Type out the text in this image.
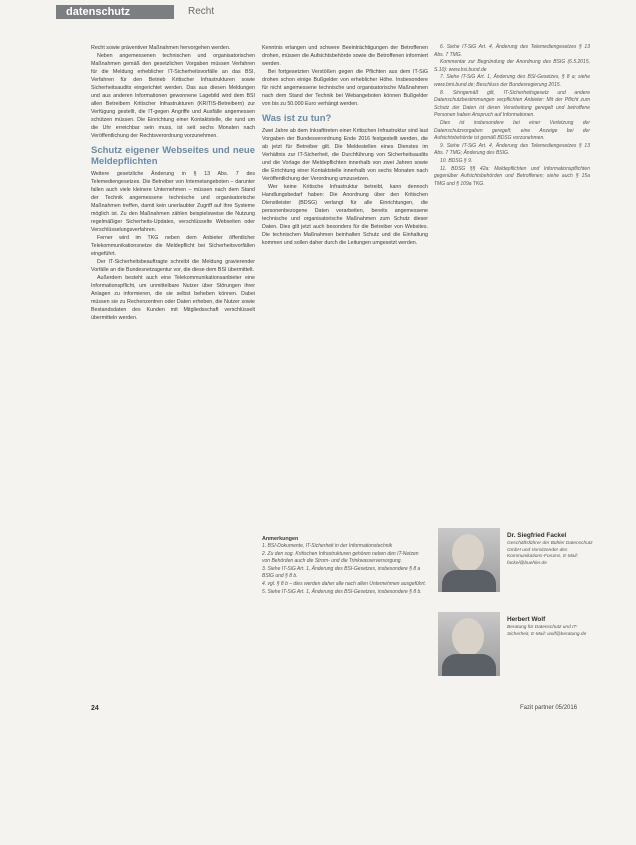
datenschutz	Recht

Recht sowie präventiver Maßnahmen hervorgehen werden.

Neben angemessenen technischen und organisatorischen Maßnahmen gemäß den gesetzlichen Vorgaben müssen Verfahren für die Meldung erheblicher IT-Sicherheitsvorfälle an das BSI, Verfahren für den Betrieb Kritischer Infrastrukturen sowie Sicherheitsaudits eingerichtet werden. Das aus diesen Meldungen und aus anderen Informationen gewonnene Lagebild wird dem BSI allen Betreibern Kritischer Infrastrukturen (KRITIS-Betreibern) zur Verfügung gestellt, die IT-gegen Angriffe und Ausfälle angemessen schützen müssen. Die Einrichtung einer Kontaktstelle, die rund um die Uhr erreichbar sein muss, ist seit sechs Monaten nach Veröffentlichung der Rechtsverordnung vorzunehmen.

Schutz eigener Webseites und neue Meldepflichten

Weitere gesetzliche Änderung in § 13 Abs. 7 des Telemediengesetzes. Die Betreiber von Internetangeboten – darunter fallen auch viele kleinere Unternehmen – müssen nach dem Stand der Technik angemessene technische und organisatorische Maßnahmen treffen, damit kein unerlaubter Zugriff auf ihre Systeme möglich ist. Zu den Maßnahmen zählen beispielsweise die Nutzung regelmäßiger Sicherheits-Updates, verschlüsselte Webseiten oder Verschlüsselungsverfahren.

Ferner wird im TKG neben dem Anbieter öffentlicher Telekommunikationsnetze die Meldepflicht bei Sicherheitsvorfällen eingeführt.

Der IT-Sicherheitsbeauftragte schreibt die Meldung gravierender Vorfälle an die Bundesnetzagentur vor, die diese dem BSI übermittelt.

Außerdem besteht auch eine Telekommunikationsanbieter eine Informationspflicht, um unmittelbare Nutzer über Störungen ihrer Anlagen zu informieren, die sie selbst beheben können. Dabei müssen sie zu Rechenzentren oder Daten erheben, die Nutzer sowie Bestandsdaten des Kunden mit Mitgliedsschaft verschlüsselt übermitteln werden.

Kenntnis erlangen und schwere Beeinträchtigungen der Betroffenen drohen, müssen die Aufsichtsbehörde sowie die Betroffenen informiert werden.

Bei fortgesetzten Verstößen gegen die Pflichten aus dem IT-SiG drohen schon einige Bußgelder von erheblicher Höhe. Insbesondere für nicht angemessene technische und organisatorische Maßnahmen nach dem Stand der Technik bei Webangeboten können Bußgelder von bis zu 50.000 Euro verhängt werden.

Was ist zu tun?

Zwei Jahre ab dem Inkrafttreten einer Kritischen Infrastruktur sind laut Vorgaben der Bundesverordnung Ende 2016 festgestellt werden, die ab jetzt für Betreiber gilt. Die Meldestellen eines Dienstes im Verhältnis zur IT-Sicherheit, die Durchführung von Sicherheitsaudits und die Vorlage der Meldepflichten innerhalb von zwei Jahren sowie die Errichtung einer Kontaktstelle innerhalb von sechs Monaten nach Veröffentlichung der Verordnung umzusetzen.

Wer keine Kritische Infrastruktur betreibt, kann dennoch Handlungsbedarf haben: Die Anordnung über den Kritischen Dienstleister (BDSG) verlangt für alle Einrichtungen, die personenbezogene Daten verarbeiten, bereits angemessene technische und organisatorische Maßnahmen zum Schutz dieser Daten. Dies gilt jetzt auch besonders für die Betreiber von Websites. Die technischen Maßnahmen beinhalten Schutz und die Einhaltung kommen und sollen daher durch die Leitungen umgesetzt werden.

Anmerkungen

1. BSI-Dokumente, IT-Sicherheit in der Informationstechnik

2. Zu den sog. Kritischen Infrastrukturen gehören neben den IT-Netzen von Behörden auch die Strom- und die Trinkwasserversorgung.

3. Siehe IT-SiG Art. 1, Änderung des BSI-Gesetzes, insbesondere § 8 a BSIG und § 8 b.

4. vgl. § 8 b – dies werden daher alle nach allen Unternehmen ausgeführt.

5. Siehe IT-SiG Art. 1, Änderung des BSI-Gesetzes, insbesondere § 8 b.

6. Siehe IT-SiG Art. 4, Änderung des Telemediengesetzes § 13 Abs. 7 TMG.

Kommentar zur Begründung der Anordnung des BSIG (6.5.2015, S.10): www.bsi.bund.de

7. Siehe IT-SiG Art. 1, Änderung des BSI-Gesetzes, § 8 a; siehe www.bmi.bund.de; Beschluss der Bundesregierung 2015.

8. Sinngemäß gilt, IT-Sicherheitsgesetz und andere Datenschutzbestimmungen verpflichten Anbieter: Mit der Pflicht zum Schutz der Daten ist deren Verarbeitung geregelt und betroffene Personen haben Anspruch auf Informationen.

Dies ist insbesondere bei einer Verletzung der Datenschutzvorgaben geregelt; eine Anzeige bei der Aufsichtsbehörde ist gemäß BDSG vorzunehmen.

9. Siehe IT-SiG Art. 4, Änderung des Telemediengesetzes § 13 Abs. 7 TMG; Änderung des BSIG.

10. BDSG § 9.

11. BDSG §§ 42a: Meldepflichten und Informationspflichten gegenüber Aufsichtsbehörden und Betroffenen; siehe auch § 15a TMG und § 109a TKG.

Dr. Siegfried Fackel
Geschäftsführer der Bühler Datenschutz GmbH und Vorsitzender des Kommunikations-Forums, E-Mail: fackel@buehler.de
Herbert Wolf
Beratung für Datenschutz und IT-Sicherheit, E-Mail: wolf@beratung.de
24	Fazit partner 05/2016
